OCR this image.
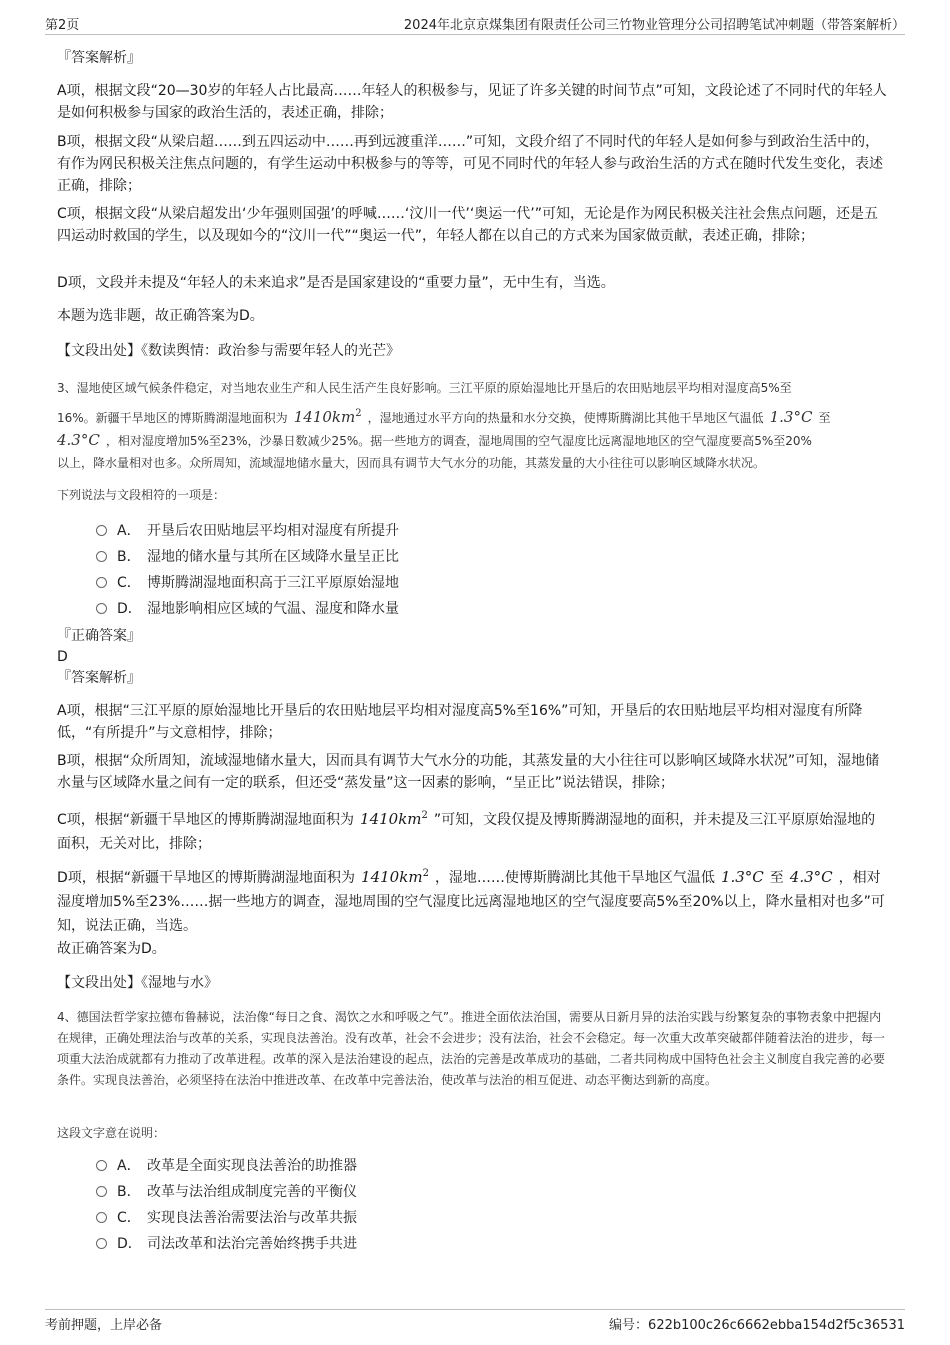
第2页	2024年北京京煤集团有限责任公司三竹物业管理分公司招聘笔试冲刺题（带答案解析）
『答案解析』
A项，根据文段“20—30岁的年轻人占比最高……年轻人的积极参与，见证了许多关键的时间节点”可知，文段论述了不同时代的年轻人是如何积极参与国家的政治生活的，表述正确，排除；
B项，根据文段“从梁启超……到五四运动中……再到远渡重洋……”可知，文段介绍了不同时代的年轻人是如何参与到政治生活中的，有作为网民积极关注焦点问题的，有学生运动中积极参与的等等，可见不同时代的年轻人参与政治生活的方式在随时代发生变化，表述正确，排除；
C项，根据文段“从梁启超发出‘少年强则国强’的呼喊……‘汶川一代’‘奥运一代’”可知，无论是作为网民积极关注社会焦点问题，还是五四运动时救国的学生，以及现如今的“汶川一代”“奥运一代”，年轻人都在以自己的方式来为国家做贡献，表述正确，排除；
D项，文段并未提及“年轻人的未来追求”是否是国家建设的“重要力量”，无中生有，当选。
本题为选非题，故正确答案为D。
【文段出处】《数读舆情：政治参与需要年轻人的光芒》
3、湿地使区域气候条件稳定，对当地农业生产和人民生活产生良好影响。三江平原的原始湿地比开垦后的农田贴地层平均相对湿度高5%至
16%。新疆干旱地区的博斯腾湖湿地面积为 $1410km^2$ ，湿地通过水平方向的热量和水分交换，使博斯腾湖比其他干旱地区气温低 1.3°C 至
4.3°C ，相对湿度增加5%至23%，沙暴日数减少25%。据一些地方的调查，湿地周围的空气湿度比远离湿地地区的空气湿度要高5%至20%
以上，降水量相对也多。众所周知，流域湿地储水量大，因而具有调节大气水分的功能，其蒸发量的大小往往可以影响区域降水状况。
下列说法与文段相符的一项是：
A． 开垦后农田贴地层平均相对湿度有所提升
B． 湿地的储水量与其所在区域降水量呈正比
C． 博斯腾湖湿地面积高于三江平原原始湿地
D． 湿地影响相应区域的气温、湿度和降水量
『正确答案』
D
『答案解析』
A项，根据“三江平原的原始湿地比开垦后的农田贴地层平均相对湿度高5%至16%”可知，开垦后的农田贴地层平均相对湿度有所降低，“有所提升”与文意相悖，排除；
B项，根据“众所周知，流域湿地储水量大，因而具有调节大气水分的功能，其蒸发量的大小往往可以影响区域降水状况”可知，湿地储水量与区域降水量之间有一定的联系，但还受“蒸发量”这一因素的影响，“呈正比”说法错误，排除；
C项，根据“新疆干旱地区的博斯腾湖湿地面积为 $1410km^2$ ”可知，文段仅提及博斯腾湖湿地的面积，并未提及三江平原原始湿地的面积，无关对比，排除；
D项，根据“新疆干旱地区的博斯腾湖湿地面积为 $1410km^2$ ，湿地……使博斯腾湖比其他干旱地区气温低 1.3°C 至 4.3°C ，相对湿度增加5%至23%……据一些地方的调查，湿地周围的空气湿度比远离湿地地区的空气湿度要高5%至20%以上，降水量相对也多”可知，说法正确，当选。
故正确答案为D。
【文段出处】《湿地与水》
4、德国法哲学家拉德布鲁赫说，法治像“每日之食、渴饮之水和呼吸之气”。推进全面依法治国，需要从日新月异的法治实践与纷繁复杂的事物表象中把握内在规律，正确处理法治与改革的关系，实现良法善治。没有改革，社会不会进步；没有法治，社会不会稳定。每一次重大改革突破都伴随着法治的进步，每一项重大法治成就都有力推动了改革进程。改革的深入是法治建设的起点，法治的完善是改革成功的基础，二者共同构成中国特色社会主义制度自我完善的必要条件。实现良法善治，必须坚持在法治中推进改革、在改革中完善法治，使改革与法治的相互促进、动态平衡达到新的高度。
这段文字意在说明：
A． 改革是全面实现良法善治的助推器
B． 改革与法治组成制度完善的平衡仪
C． 实现良法善治需要法治与改革共振
D． 司法改革和法治完善始终携手共进
考前押题，上岸必备	编号：622b100c26c6662ebba154d2f5c36531
